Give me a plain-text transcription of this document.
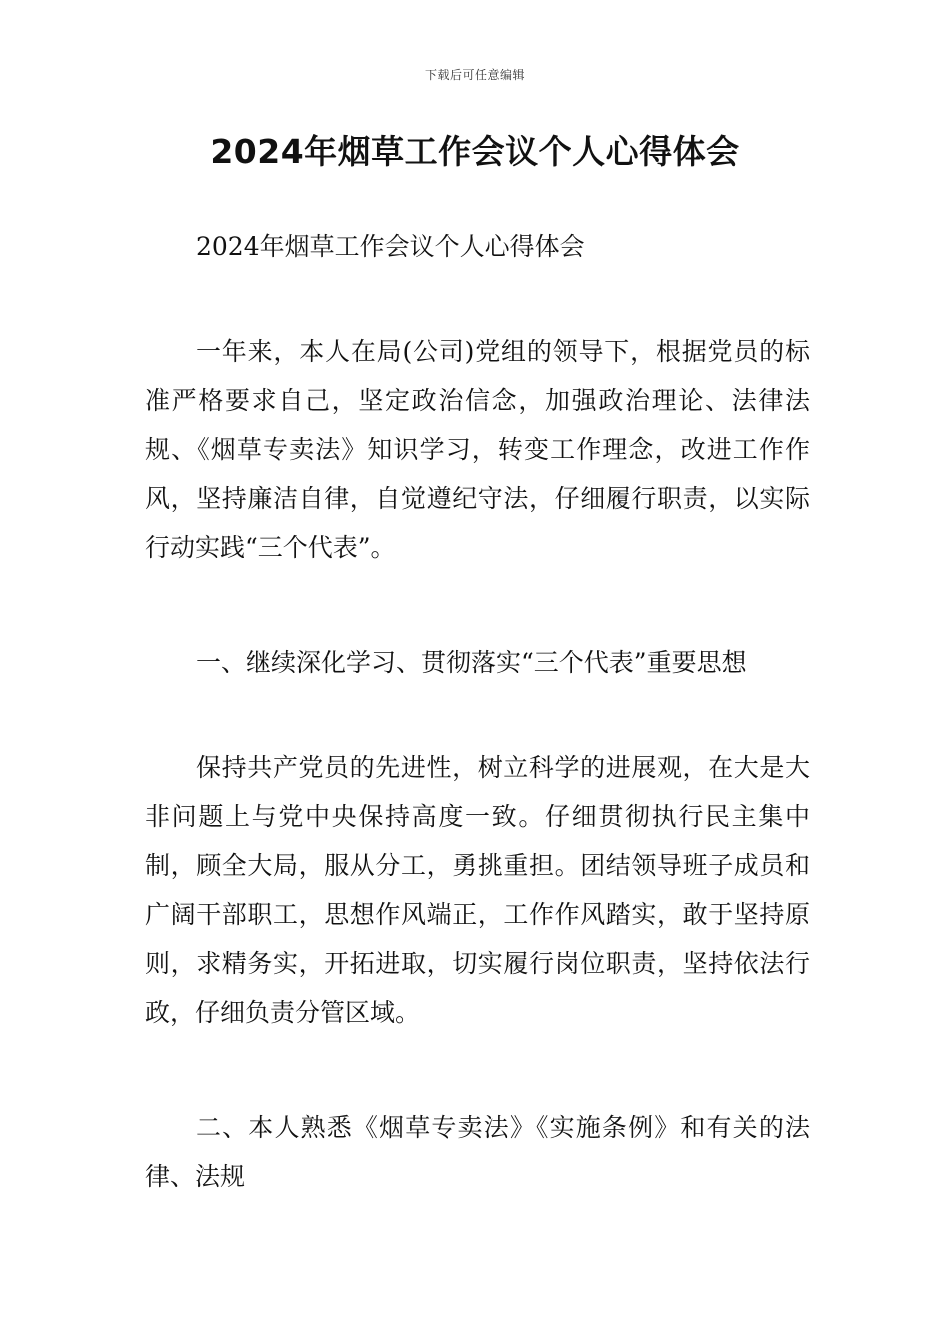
下载后可任意编辑
2024年烟草工作会议个人心得体会

2024年烟草工作会议个人心得体会

一年来，本人在局(公司)党组的领导下，根据党员的标准严格要求自己，坚定政治信念，加强政治理论、法律法规、《烟草专卖法》知识学习，转变工作理念，改进工作作风，坚持廉洁自律，自觉遵纪守法，仔细履行职责，以实际行动实践“三个代表”。

一、继续深化学习、贯彻落实“三个代表”重要思想

保持共产党员的先进性，树立科学的进展观，在大是大非问题上与党中央保持高度一致。仔细贯彻执行民主集中制，顾全大局，服从分工，勇挑重担。团结领导班子成员和广阔干部职工，思想作风端正，工作作风踏实，敢于坚持原则，求精务实，开拓进取，切实履行岗位职责，坚持依法行政，仔细负责分管区域。

二、本人熟悉《烟草专卖法》《实施条例》和有关的法律、法规
